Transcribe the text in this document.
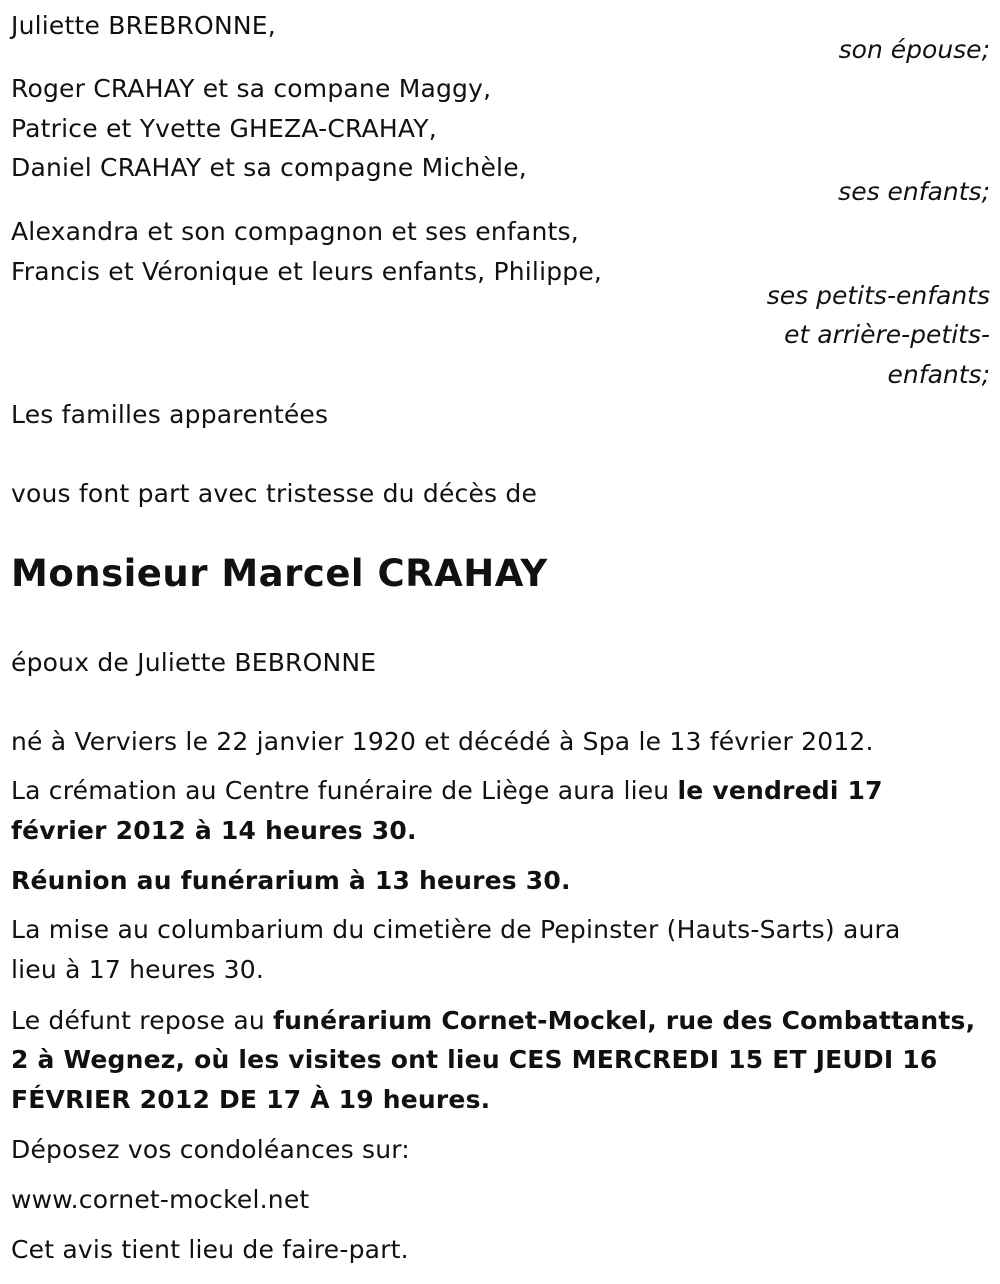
Juliette BREBRONNE,
son épouse;
Roger CRAHAY et sa compane Maggy,
Patrice et Yvette GHEZA-CRAHAY,
Daniel CRAHAY et sa compagne Michèle,
ses enfants;
Alexandra et son compagnon et ses enfants,
Francis et Véronique et leurs enfants, Philippe,
ses petits-enfants
et arrière-petits-
enfants;
Les familles apparentées
vous font part avec tristesse du décès de
Monsieur Marcel CRAHAY
époux de Juliette BEBRONNE
né à Verviers le 22 janvier 1920 et décédé à Spa le 13 février 2012.
La crémation au Centre funéraire de Liège aura lieu le vendredi 17
février 2012 à 14 heures 30.
Réunion au funérarium à 13 heures 30.
La mise au columbarium du cimetière de Pepinster (Hauts-Sarts) aura
lieu à 17 heures 30.
Le défunt repose au funérarium Cornet-Mockel, rue des Combattants,
2 à Wegnez, où les visites ont lieu CES MERCREDI 15 ET JEUDI 16
FÉVRIER 2012 DE 17 À 19 heures.
Déposez vos condoléances sur:
www.cornet-mockel.net
Cet avis tient lieu de faire-part.
